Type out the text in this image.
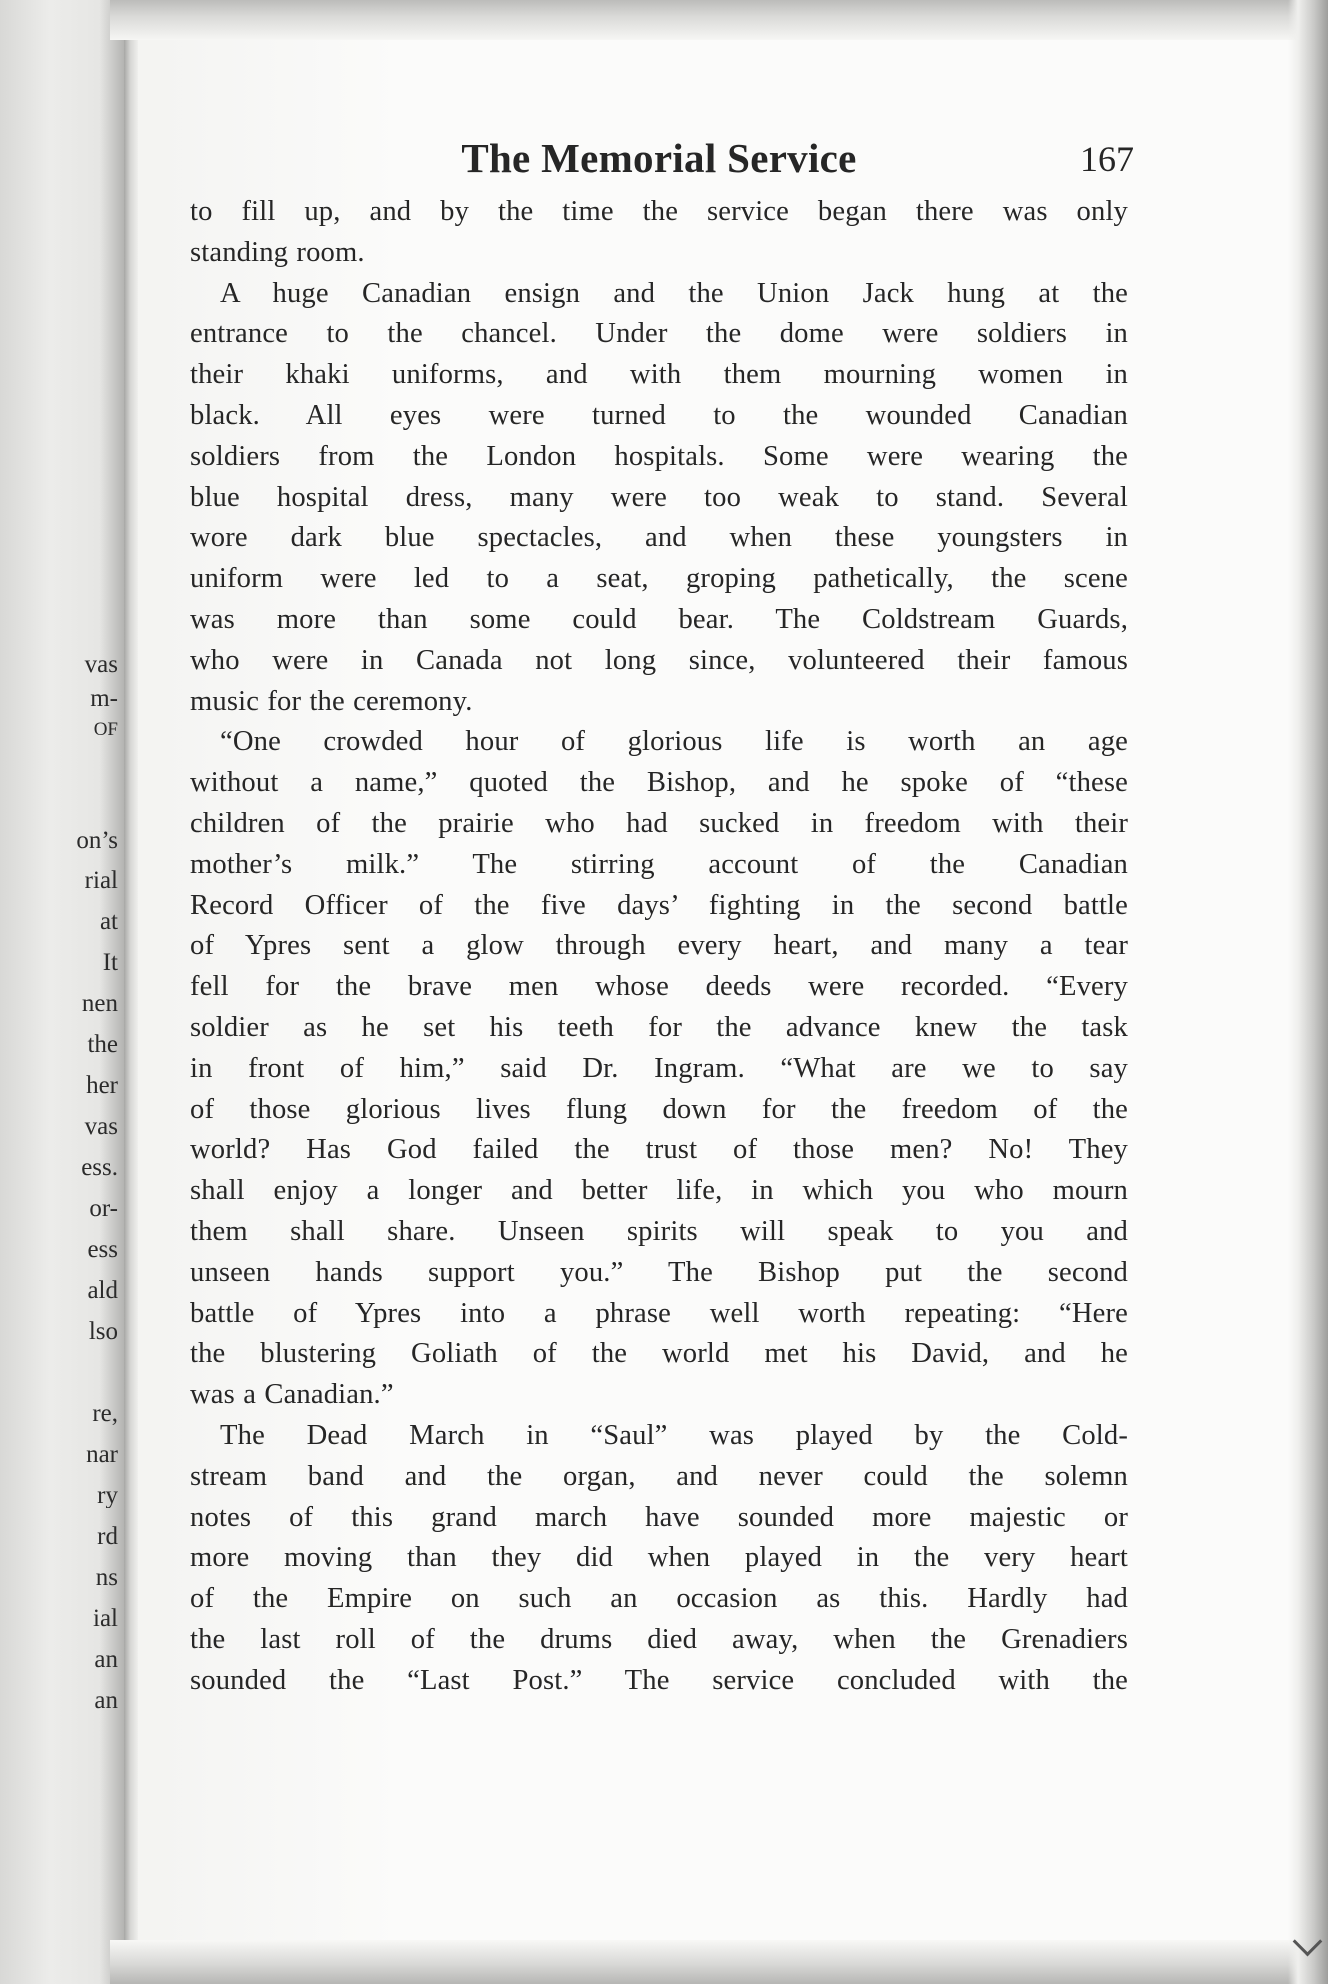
vas
m-
OF
on’s
rial
at
It
nen
the
her
vas
ess.
or-
ess
ald
lso
re,
nar
ry
rd
ns
ial
an
an
The Memorial Service	167
to fill up, and by the time the service began there was only
standing room.
A huge Canadian ensign and the Union Jack hung at the
entrance to the chancel. Under the dome were soldiers in
their khaki uniforms, and with them mourning women in
black. All eyes were turned to the wounded Canadian
soldiers from the London hospitals. Some were wearing the
blue hospital dress, many were too weak to stand. Several
wore dark blue spectacles, and when these youngsters in
uniform were led to a seat, groping pathetically, the scene
was more than some could bear. The Coldstream Guards,
who were in Canada not long since, volunteered their famous
music for the ceremony.
“One crowded hour of glorious life is worth an age
without a name,” quoted the Bishop, and he spoke of “these
children of the prairie who had sucked in freedom with their
mother’s milk.” The stirring account of the Canadian
Record Officer of the five days’ fighting in the second battle
of Ypres sent a glow through every heart, and many a tear
fell for the brave men whose deeds were recorded. “Every
soldier as he set his teeth for the advance knew the task
in front of him,” said Dr. Ingram. “What are we to say
of those glorious lives flung down for the freedom of the
world? Has God failed the trust of those men? No! They
shall enjoy a longer and better life, in which you who mourn
them shall share. Unseen spirits will speak to you and
unseen hands support you.” The Bishop put the second
battle of Ypres into a phrase well worth repeating: “Here
the blustering Goliath of the world met his David, and he
was a Canadian.”
The Dead March in “Saul” was played by the Cold-
stream band and the organ, and never could the solemn
notes of this grand march have sounded more majestic or
more moving than they did when played in the very heart
of the Empire on such an occasion as this. Hardly had
the last roll of the drums died away, when the Grenadiers
sounded the “Last Post.” The service concluded with the
